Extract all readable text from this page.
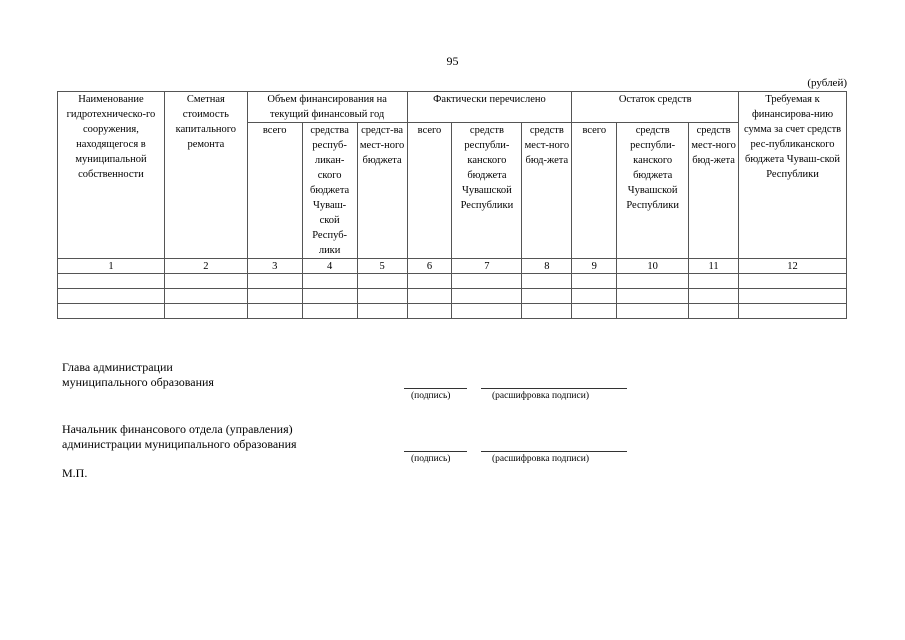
95
(рублей)
Наименование гидротехническо-го сооружения, находящегося в муниципальной собственности	Сметная стоимость капитального ремонта	Объем финансирования на текущий финансовый год			Фактически перечислено			Остаток средств			Требуемая к финансирова-нию сумма за счет средств рес-публиканского бюджета Чуваш-ской Республики
		всего	средства респуб-ликан-ского бюджета Чуваш-ской Респуб-лики	средст-ва мест-ного бюджета	всего	средств республи-канского бюджета Чувашской Республики	средств мест-ного бюд-жета	всего	средств республи-канского бюджета Чувашской Республики	средств мест-ного бюд-жета	
1	2	3	4	5	6	7	8	9	10	11	12

Глава администрации
муниципального образования
(подпись)	(расшифровка подписи)
Начальник финансового отдела (управления)
администрации муниципального образования
(подпись)	(расшифровка подписи)
М.П.
